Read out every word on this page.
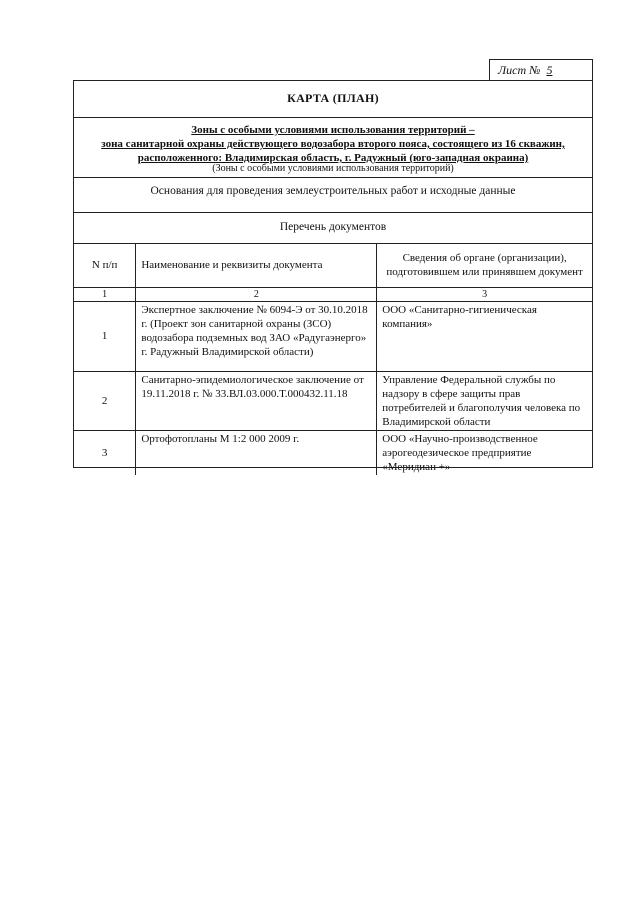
Лист № 5
КАРТА (ПЛАН)
Зоны с особыми условиями использования территорий –
зона санитарной охраны действующего водозабора второго пояса, состоящего из 16 скважин,
расположенного: Владимирская область, г. Радужный (юго-западная окраина)
(Зоны с особыми условиями использования территорий)
Основания для проведения землеустроительных работ и исходные данные
Перечень документов
N п/п	Наименование и реквизиты документа	Сведения об органе (организации), подготовившем или принявшем документ
1	2	3
1	Экспертное заключение № 6094-Э от 30.10.2018 г. (Проект зон санитарной охраны (ЗСО) водозабора подземных вод ЗАО «Радугаэнерго» г. Радужный Владимирской области)	ООО «Санитарно-гигиеническая компания»
2	Санитарно-эпидемиологическое заключение от 19.11.2018 г. № 33.ВЛ.03.000.Т.000432.11.18	Управление Федеральной службы по надзору в сфере защиты прав потребителей и благополучия человека по Владимирской области
3	Ортофотопланы М 1:2 000 2009 г.	ООО «Научно-производственное аэрогеодезическое предприятие «Меридиан +»
